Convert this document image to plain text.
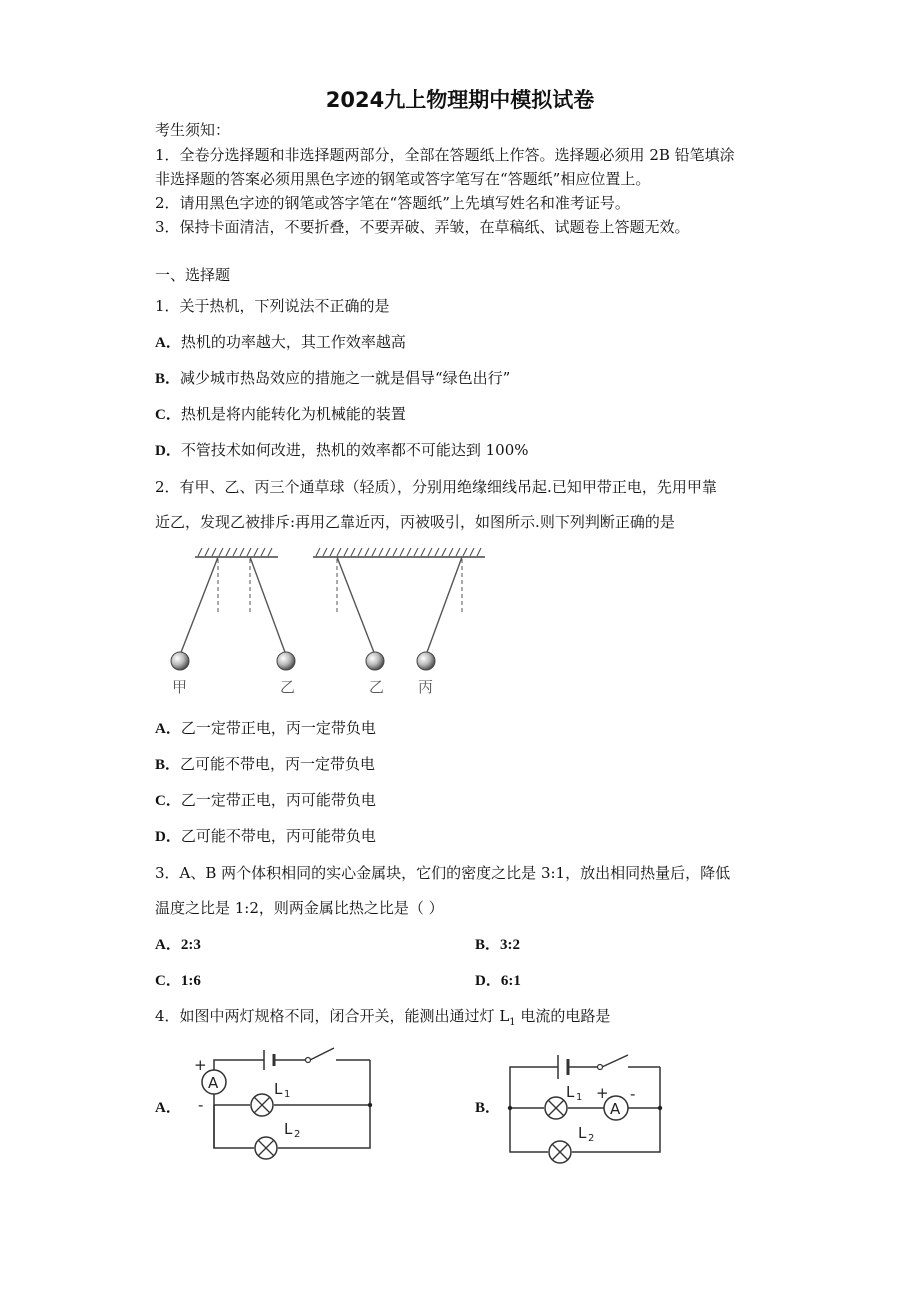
2024九上物理期中模拟试卷
考生须知：
1．全卷分选择题和非选择题两部分，全部在答题纸上作答。选择题必须用 2B 铅笔填涂
非选择题的答案必须用黑色字迹的钢笔或答字笔写在“答题纸”相应位置上。
2．请用黑色字迹的钢笔或答字笔在“答题纸”上先填写姓名和准考证号。
3．保持卡面清洁，不要折叠，不要弄破、弄皱，在草稿纸、试题卷上答题无效。
一、选择题
1．关于热机，下列说法不正确的是
A．热机的功率越大，其工作效率越高
B．减少城市热岛效应的措施之一就是倡导“绿色出行”
C．热机是将内能转化为机械能的装置
D．不管技术如何改进，热机的效率都不可能达到 100%
2．有甲、乙、丙三个通草球（轻质），分别用绝缘细线吊起.已知甲带正电，先用甲靠
近乙，发现乙被排斥:再用乙靠近丙，丙被吸引，如图所示.则下列判断正确的是
甲	乙	乙 丙
A．乙一定带正电，丙一定带负电
B．乙可能不带电，丙一定带负电
C．乙一定带正电，丙可能带负电
D．乙可能不带电，丙可能带负电
3．A、B 两个体积相同的实心金属块，它们的密度之比是 3:1，放出相同热量后，降低
温度之比是 1:2，则两金属比热之比是（ ）
A．2:3	B．3:2
C．1:6	D．6:1
4．如图中两灯规格不同，闭合开关，能测出通过灯 $L_1$ 电流的电路是
A．
A
+
-
L 1
L 2
B．
L 1
A
+ -
L 2
